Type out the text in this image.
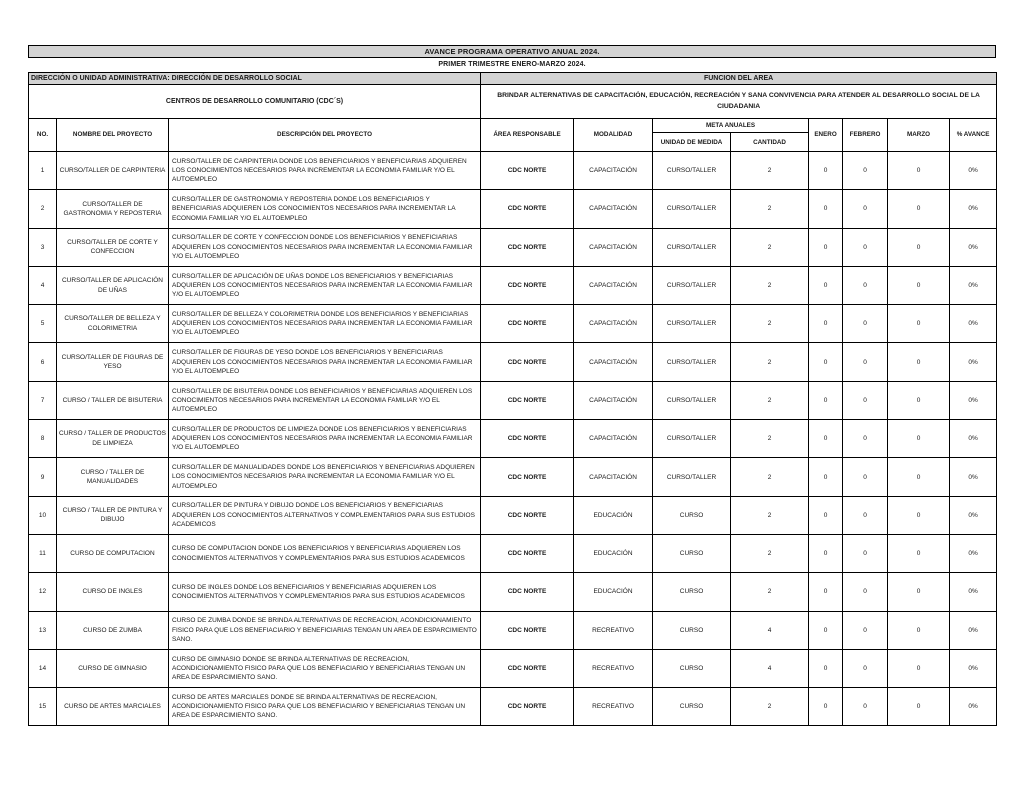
AVANCE PROGRAMA OPERATIVO ANUAL 2024.
PRIMER TRIMESTRE ENERO-MARZO 2024.
DIRECCIÓN O UNIDAD ADMINISTRATIVA: DIRECCIÓN DE DESARROLLO SOCIAL			FUNCION DEL AREA							
CENTROS DE DESARROLLO COMUNITARIO (CDC´S)			BRINDAR ALTERNATIVAS DE CAPACITACIÓN, EDUCACIÓN, RECREACIÓN Y SANA CONVIVENCIA PARA ATENDER AL DESARROLLO SOCIAL DE LA CIUDADANIA							
NO.	NOMBRE DEL PROYECTO	DESCRIPCIÓN DEL PROYECTO	ÁREA RESPONSABLE	MODALIDAD	META ANUALES		ENERO	FEBRERO	MARZO	% AVANCE
					UNIDAD DE MEDIDA	CANTIDAD				
1	CURSO/TALLER DE CARPINTERIA	CURSO/TALLER DE CARPINTERIA DONDE LOS BENEFICIARIOS Y BENEFICIARIAS ADQUIEREN LOS CONOCIMIENTOS NECESARIOS PARA INCREMENTAR LA ECONOMIA FAMILIAR Y/O EL AUTOEMPLEO	CDC NORTE	CAPACITACIÓN	CURSO/TALLER	2	0	0	0	0%
2	CURSO/TALLER DE GASTRONOMIA Y REPOSTERIA	CURSO/TALLER DE GASTRONOMIA Y REPOSTERIA DONDE LOS BENEFICIARIOS Y BENEFICIARIAS ADQUIEREN LOS CONOCIMIENTOS NECESARIOS PARA INCREMENTAR LA ECONOMIA FAMILIAR Y/O EL AUTOEMPLEO	CDC NORTE	CAPACITACIÓN	CURSO/TALLER	2	0	0	0	0%
3	CURSO/TALLER DE CORTE Y CONFECCION	CURSO/TALLER DE CORTE Y CONFECCION DONDE LOS BENEFICIARIOS Y BENEFICIARIAS ADQUIEREN LOS CONOCIMIENTOS NECESARIOS PARA INCREMENTAR LA ECONOMIA FAMILIAR Y/O EL AUTOEMPLEO	CDC NORTE	CAPACITACIÓN	CURSO/TALLER	2	0	0	0	0%
4	CURSO/TALLER DE APLICACIÓN DE UÑAS	CURSO/TALLER DE APLICACIÓN DE UÑAS DONDE LOS BENEFICIARIOS Y BENEFICIARIAS ADQUIEREN LOS CONOCIMIENTOS NECESARIOS PARA INCREMENTAR LA ECONOMIA FAMILIAR Y/O EL AUTOEMPLEO	CDC NORTE	CAPACITACIÓN	CURSO/TALLER	2	0	0	0	0%
5	CURSO/TALLER DE BELLEZA Y COLORIMETRIA	CURSO/TALLER DE BELLEZA Y COLORIMETRIA DONDE LOS BENEFICIARIOS Y BENEFICIARIAS ADQUIEREN LOS CONOCIMIENTOS NECESARIOS PARA INCREMENTAR LA ECONOMIA FAMILIAR Y/O EL AUTOEMPLEO	CDC NORTE	CAPACITACIÓN	CURSO/TALLER	2	0	0	0	0%
6	CURSO/TALLER DE FIGURAS DE YESO	CURSO/TALLER DE FIGURAS DE YESO DONDE LOS BENEFICIARIOS Y BENEFICIARIAS ADQUIEREN LOS CONOCIMIENTOS NECESARIOS PARA INCREMENTAR LA ECONOMIA FAMILIAR Y/O EL AUTOEMPLEO	CDC NORTE	CAPACITACIÓN	CURSO/TALLER	2	0	0	0	0%
7	CURSO / TALLER DE BISUTERIA	CURSO/TALLER DE BISUTERIA DONDE LOS BENEFICIARIOS Y BENEFICIARIAS ADQUIEREN LOS CONOCIMIENTOS NECESARIOS PARA INCREMENTAR LA ECONOMIA FAMILIAR Y/O EL AUTOEMPLEO	CDC NORTE	CAPACITACIÓN	CURSO/TALLER	2	0	0	0	0%
8	CURSO / TALLER DE PRODUCTOS DE LIMPIEZA	CURSO/TALLER DE PRODUCTOS DE LIMPIEZA DONDE LOS BENEFICIARIOS Y BENEFICIARIAS ADQUIEREN LOS CONOCIMIENTOS NECESARIOS PARA INCREMENTAR LA ECONOMIA FAMILIAR Y/O EL AUTOEMPLEO	CDC NORTE	CAPACITACIÓN	CURSO/TALLER	2	0	0	0	0%
9	CURSO / TALLER DE MANUALIDADES	CURSO/TALLER DE MANUALIDADES DONDE LOS BENEFICIARIOS Y BENEFICIARIAS ADQUIEREN LOS CONOCIMIENTOS NECESARIOS PARA INCREMENTAR LA ECONOMIA FAMILIAR Y/O EL AUTOEMPLEO	CDC NORTE	CAPACITACIÓN	CURSO/TALLER	2	0	0	0	0%
10	CURSO / TALLER DE PINTURA Y DIBUJO	CURSO/TALLER DE PINTURA Y DIBUJO DONDE LOS BENEFICIARIOS Y BENEFICIARIAS ADQUIEREN LOS CONOCIMIENTOS ALTERNATIVOS Y COMPLEMENTARIOS PARA SUS ESTUDIOS ACADEMICOS	CDC NORTE	EDUCACIÓN	CURSO	2	0	0	0	0%
11	CURSO DE COMPUTACION	CURSO DE COMPUTACION DONDE LOS BENEFICIARIOS Y BENEFICIARIAS ADQUIEREN LOS CONOCIMIENTOS ALTERNATIVOS Y COMPLEMENTARIOS PARA SUS ESTUDIOS ACADEMICOS	CDC NORTE	EDUCACIÓN	CURSO	2	0	0	0	0%
12	CURSO DE INGLES	CURSO DE INGLES DONDE LOS BENEFICIARIOS Y BENEFICIARIAS ADQUIEREN LOS CONOCIMIENTOS ALTERNATIVOS Y COMPLEMENTARIOS PARA SUS ESTUDIOS ACADEMICOS	CDC NORTE	EDUCACIÓN	CURSO	2	0	0	0	0%
13	CURSO DE ZUMBA	CURSO DE ZUMBA DONDE SE BRINDA ALTERNATIVAS DE RECREACION, ACONDICIONAMIENTO FISICO PARA QUE LOS BENEFIACIARIO Y BENEFICIARIAS TENGAN UN AREA DE ESPARCIMIENTO SANO.	CDC NORTE	RECREATIVO	CURSO	4	0	0	0	0%
14	CURSO DE GIMNASIO	CURSO DE GIMNASIO DONDE SE BRINDA ALTERNATIVAS DE RECREACION, ACONDICIONAMIENTO FISICO PARA QUE LOS BENEFIACIARIO Y BENEFICIARIAS TENGAN UN AREA DE ESPARCIMIENTO SANO.	CDC NORTE	RECREATIVO	CURSO	4	0	0	0	0%
15	CURSO DE ARTES MARCIALES	CURSO DE ARTES MARCIALES DONDE SE BRINDA ALTERNATIVAS DE RECREACION, ACONDICIONAMIENTO FISICO PARA QUE LOS BENEFIACIARIO Y BENEFICIARIAS TENGAN UN AREA DE ESPARCIMIENTO SANO.	CDC NORTE	RECREATIVO	CURSO	2	0	0	0	0%
